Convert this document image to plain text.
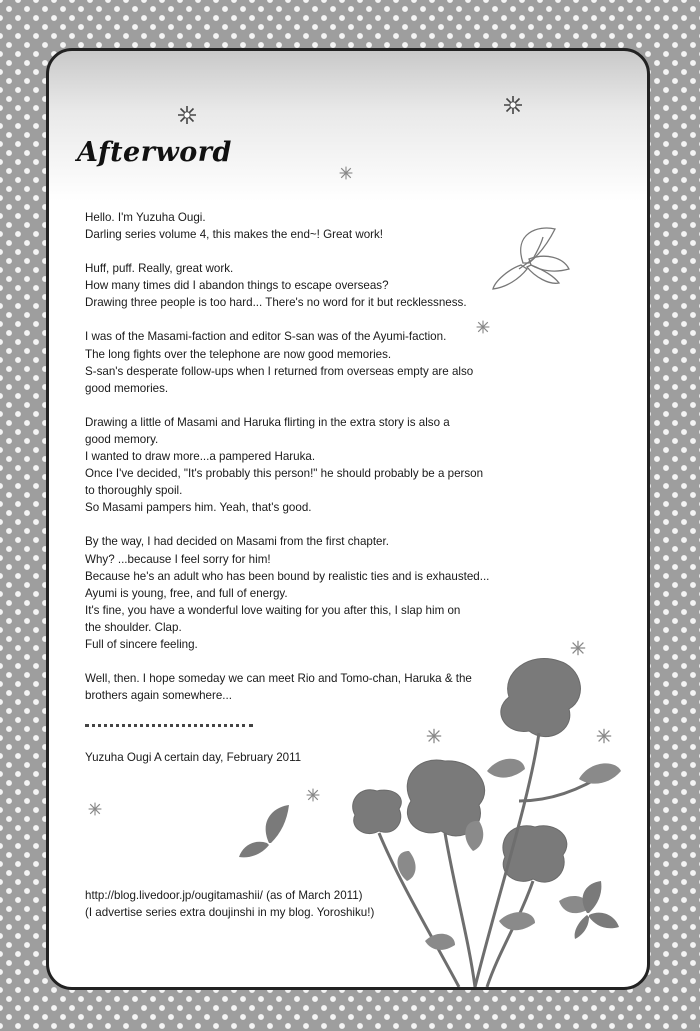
Afterword
Hello. I'm Yuzuha Ougi.
Darling series volume 4, this makes the end~! Great work!
Huff, puff. Really, great work.
How many times did I abandon things to escape overseas?
Drawing three people is too hard... There's no word for it but recklessness.
I was of the Masami-faction and editor S-san was of the Ayumi-faction.
The long fights over the telephone are now good memories.
S-san's desperate follow-ups when I returned from overseas empty are also
good memories.
Drawing a little of Masami and Haruka flirting in the extra story is also a
good memory.
I wanted to draw more...a pampered Haruka.
Once I've decided, "It's probably this person!" he should probably be a person
to thoroughly spoil.
So Masami pampers him. Yeah, that's good.
By the way, I had decided on Masami from the first chapter.
Why? ...because I feel sorry for him!
Because he's an adult who has been bound by realistic ties and is exhausted...
Ayumi is young, free, and full of energy.
It's fine, you have a wonderful love waiting for you after this, I slap him on
the shoulder. Clap.
Full of sincere feeling.
Well, then. I hope someday we can meet Rio and Tomo-chan, Haruka & the
brothers again somewhere...
Yuzuha Ougi A certain day, February 2011
http://blog.livedoor.jp/ougitamashii/ (as of March 2011)
(I advertise series extra doujinshi in my blog. Yoroshiku!)
